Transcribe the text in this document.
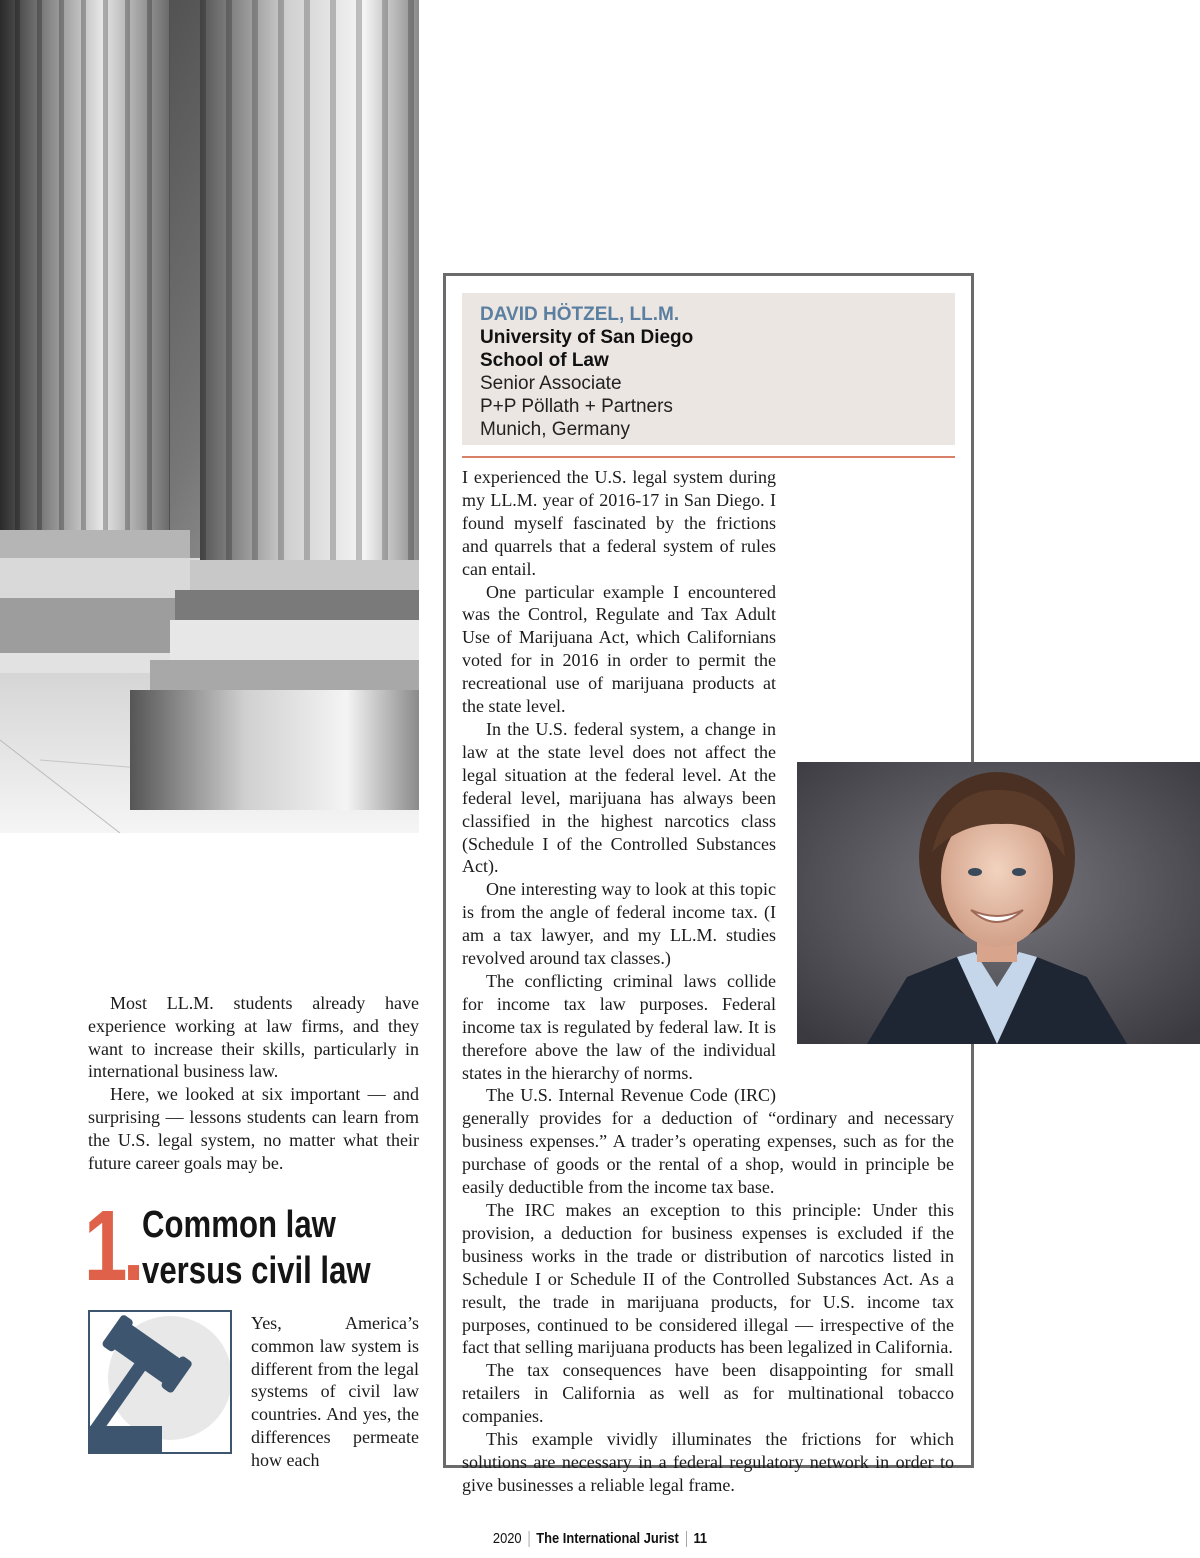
Most LL.M. students already have experience working at law firms, and they want to increase their skills, particularly in international business law.

Here, we looked at six important — and surprising — lessons students can learn from the U.S. legal system, no matter what their future career goals may be.

1. Common law
versus civil law

Yes, America’s common law system is different from the legal systems of civil law countries. And yes, the differences permeate how each

DAVID HÖTZEL, LL.M.
University of San Diego
School of Law
Senior Associate
P+P Pöllath + Partners
Munich, Germany

I experienced the U.S. legal system during my LL.M. year of 2016-17 in San Diego. I found myself fascinated by the frictions and quarrels that a federal system of rules can entail.

One particular example I encountered was the Control, Regulate and Tax Adult Use of Marijuana Act, which Californians voted for in 2016 in order to permit the recreational use of marijuana products at the state level.

In the U.S. federal system, a change in law at the state level does not affect the legal situation at the federal level. At the federal level, marijuana has always been classified in the highest narcotics class (Schedule I of the Controlled Substances Act).

One interesting way to look at this topic is from the angle of federal income tax. (I am a tax lawyer, and my LL.M. studies revolved around tax classes.)

The conflicting criminal laws collide for income tax law purposes. Federal income tax is regulated by federal law. It is therefore above the law of the individual states in the hierarchy of norms.

The U.S. Internal Revenue Code (IRC) generally provides for a deduction of “ordinary and necessary business expenses.” A trader’s operating expenses, such as for the purchase of goods or the rental of a shop, would in principle be easily deductible from the income tax base.

The IRC makes an exception to this principle: Under this provision, a deduction for business expenses is excluded if the business works in the trade or distribution of narcotics listed in Schedule I or Schedule II of the Controlled Substances Act. As a result, the trade in marijuana products, for U.S. income tax purposes, continued to be considered illegal — irrespective of the fact that selling marijuana products has been legalized in California.

The tax consequences have been disappointing for small retailers in California as well as for multinational tobacco companies.

This example vividly illuminates the frictions for which solutions are necessary in a federal regulatory network in order to give businesses a reliable legal frame.

2020 The International Jurist 11
